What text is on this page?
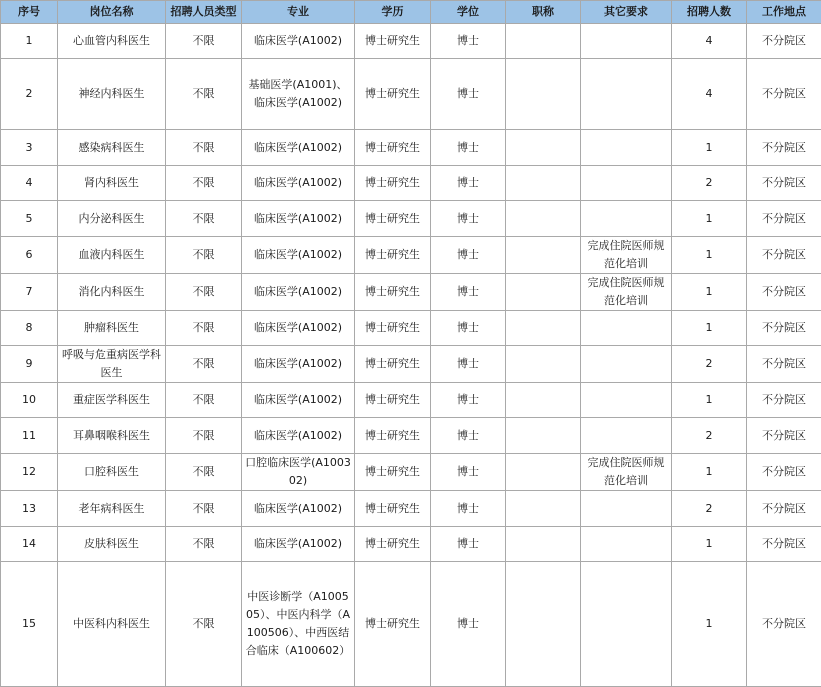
序号	岗位名称	招聘人员类型	专业	学历	学位	职称	其它要求	招聘人数	工作地点
1	心血管内科医生	不限	临床医学(A1002)	博士研究生	博士			4	不分院区
2	神经内科医生	不限	基础医学(A1001)、临床医学(A1002)	博士研究生	博士			4	不分院区
3	感染病科医生	不限	临床医学(A1002)	博士研究生	博士			1	不分院区
4	肾内科医生	不限	临床医学(A1002)	博士研究生	博士			2	不分院区
5	内分泌科医生	不限	临床医学(A1002)	博士研究生	博士			1	不分院区
6	血液内科医生	不限	临床医学(A1002)	博士研究生	博士		完成住院医师规范化培训	1	不分院区
7	消化内科医生	不限	临床医学(A1002)	博士研究生	博士		完成住院医师规范化培训	1	不分院区
8	肿瘤科医生	不限	临床医学(A1002)	博士研究生	博士			1	不分院区
9	呼吸与危重病医学科医生	不限	临床医学(A1002)	博士研究生	博士			2	不分院区
10	重症医学科医生	不限	临床医学(A1002)	博士研究生	博士			1	不分院区
11	耳鼻咽喉科医生	不限	临床医学(A1002)	博士研究生	博士			2	不分院区
12	口腔科医生	不限	口腔临床医学(A100302)	博士研究生	博士		完成住院医师规范化培训	1	不分院区
13	老年病科医生	不限	临床医学(A1002)	博士研究生	博士			2	不分院区
14	皮肤科医生	不限	临床医学(A1002)	博士研究生	博士			1	不分院区
15	中医科内科医生	不限	中医诊断学（A100505）、中医内科学（A100506）、中西医结合临床（A100602）	博士研究生	博士			1	不分院区
